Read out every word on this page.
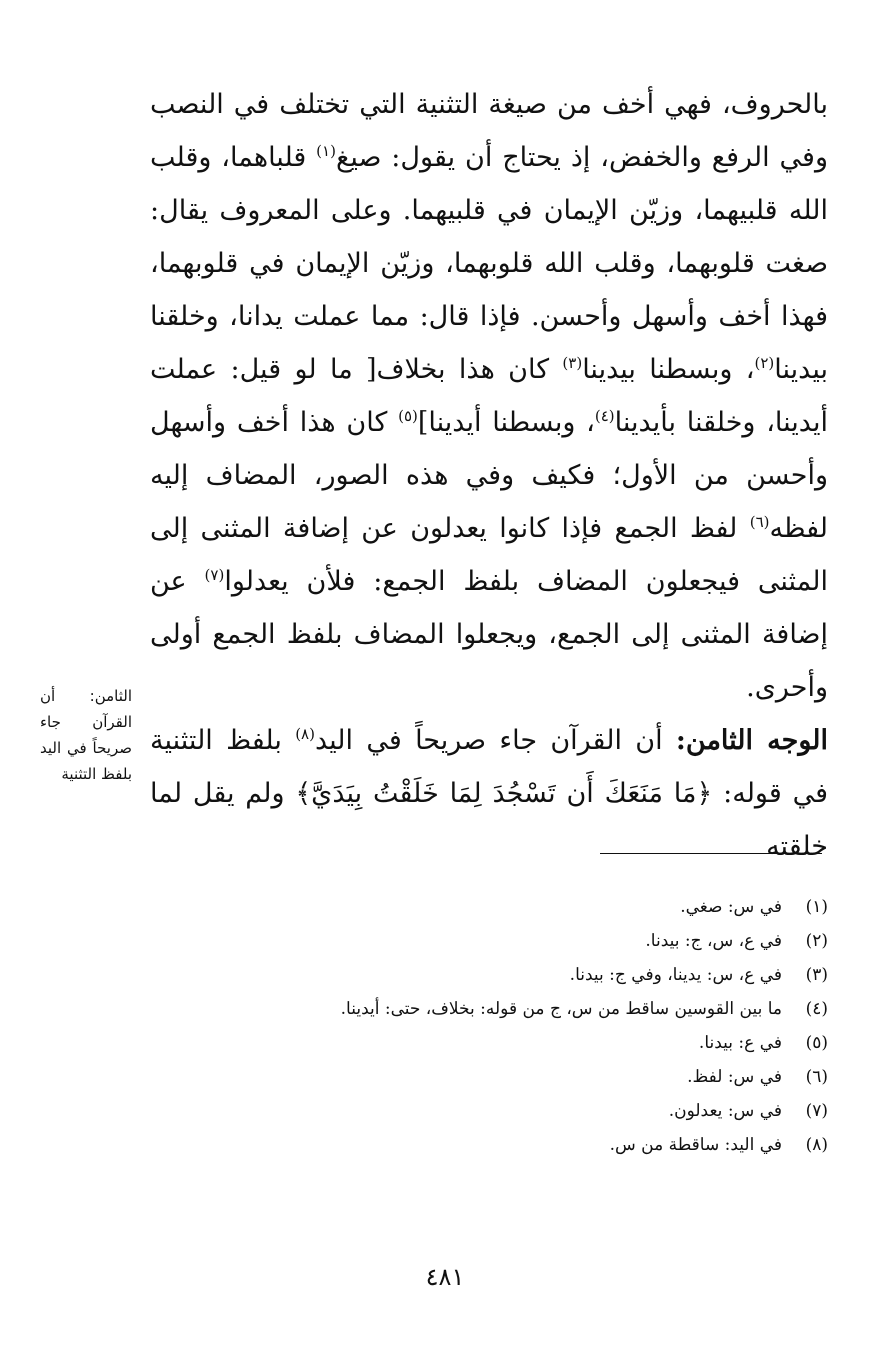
بالحروف، فهي أخف من صيغة التثنية التي تختلف في النصب وفي الرفع والخفض، إذ يحتاج أن يقول: صيغ$^{(١)}$ قلباهما، وقلب الله قلبيهما، وزيّن الإيمان في قلبيهما. وعلى المعروف يقال: صغت قلوبهما، وقلب الله قلوبهما، وزيّن الإيمان في قلوبهما، فهذا أخف وأسهل وأحسن. فإذا قال: مما عملت يدانا، وخلقنا بيدينا$^{(٢)}$، وبسطنا بيدينا$^{(٣)}$ كان هذا بخلاف[ ما لو قيل: عملت أيدينا، وخلقنا بأيدينا$^{(٤)}$، وبسطنا أيدينا]$^{(٥)}$ كان هذا أخف وأسهل وأحسن من الأول؛ فكيف وفي هذه الصور، المضاف إليه لفظه$^{(٦)}$ لفظ الجمع فإذا كانوا يعدلون عن إضافة المثنى إلى المثنى فيجعلون المضاف بلفظ الجمع: فلأن يعدلوا$^{(٧)}$ عن إضافة المثنى إلى الجمع، ويجعلوا المضاف بلفظ الجمع أولى وأحرى.

الوجه الثامن: أن القرآن جاء صريحاً في اليد$^{(٨)}$ بلفظ التثنية في قوله: ﴿مَا مَنَعَكَ أَن تَسْجُدَ لِمَا خَلَقْتُ بِيَدَيَّ﴾ ولم يقل لما خلقته

الثامن: أن القرآن جاء صريحاً في اليد بلفظ التثنية

(١)
في س: صغي.
(٢)
في ع، س، ج: بيدنا.
(٣)
في ع، س: يدينا، وفي ج: بيدنا.
(٤)
ما بين القوسين ساقط من س، ج من قوله: بخلاف، حتى: أيدينا.
(٥)
في ع: بيدنا.
(٦)
في س: لفظ.
(٧)
في س: يعدلون.
(٨)
في اليد: ساقطة من س.
٤٨١
